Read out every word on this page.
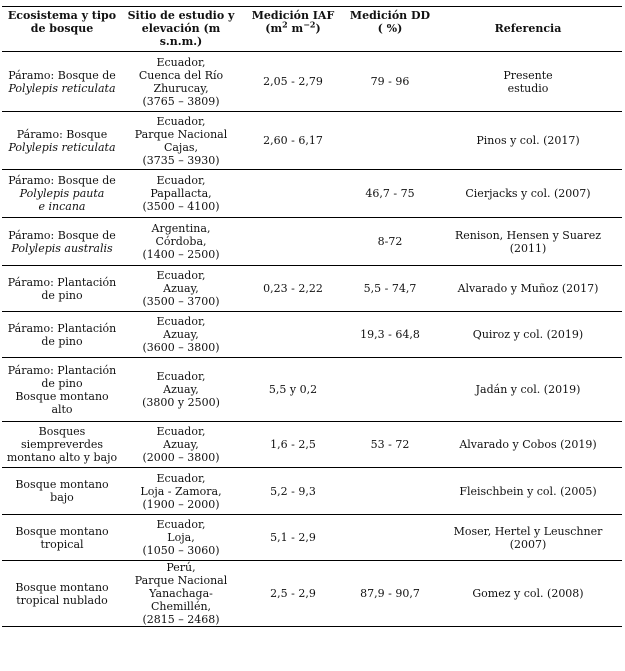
Ecosistema y tipo de bosque	Sitio de estudio y elevación (m s.n.m.)	Medición IAF ($m^2$ $m^{-2}$)	Medición DD ( %)	Referencia

Páramo: Bosque de
Polylepis reticulata	Ecuador,
Cuenca del Río
Zhurucay,
(3765 – 3809)	2,05 - 2,79	79 - 96	Presente
estudio

Páramo: Bosque
Polylepis reticulata	Ecuador,
Parque Nacional
Cajas,
(3735 – 3930)	2,60 - 6,17		Pinos y col. (2017)

Páramo: Bosque de
Polylepis pauta
e incana	Ecuador,
Papallacta,
(3500 – 4100)		46,7 - 75	Cierjacks y col. (2007)

Páramo: Bosque de
Polylepis australis	Argentina,
Córdoba,
(1400 – 2500)		8-72	Renison, Hensen y Suarez (2011)

Páramo: Plantación
de pino	Ecuador,
Azuay,
(3500 – 3700)	0,23 - 2,22	5,5 - 74,7	Alvarado y Muñoz (2017)

Páramo: Plantación
de pino	Ecuador,
Azuay,
(3600 – 3800)		19,3 - 64,8	Quiroz y col. (2019)

Páramo: Plantación
de pino
Bosque montano
alto	Ecuador,
Azuay,
(3800 y 2500)	5,5 y 0,2		Jadán y col. (2019)

Bosques
siempreverdes
montano alto y bajo	Ecuador,
Azuay,
(2000 – 3800)	1,6 - 2,5	53 - 72	Alvarado y Cobos (2019)

Bosque montano
bajo	Ecuador,
Loja - Zamora,
(1900 – 2000)	5,2 - 9,3		Fleischbein y col. (2005)

Bosque montano
tropical	Ecuador,
Loja,
(1050 – 3060)	5,1 - 2,9		Moser, Hertel y Leuschner (2007)

Bosque montano
tropical nublado	Perú,
Parque Nacional
Yanachaga-
Chemillén,
(2815 – 2468)	2,5 - 2,9	87,9 - 90,7	Gomez y col. (2008)
